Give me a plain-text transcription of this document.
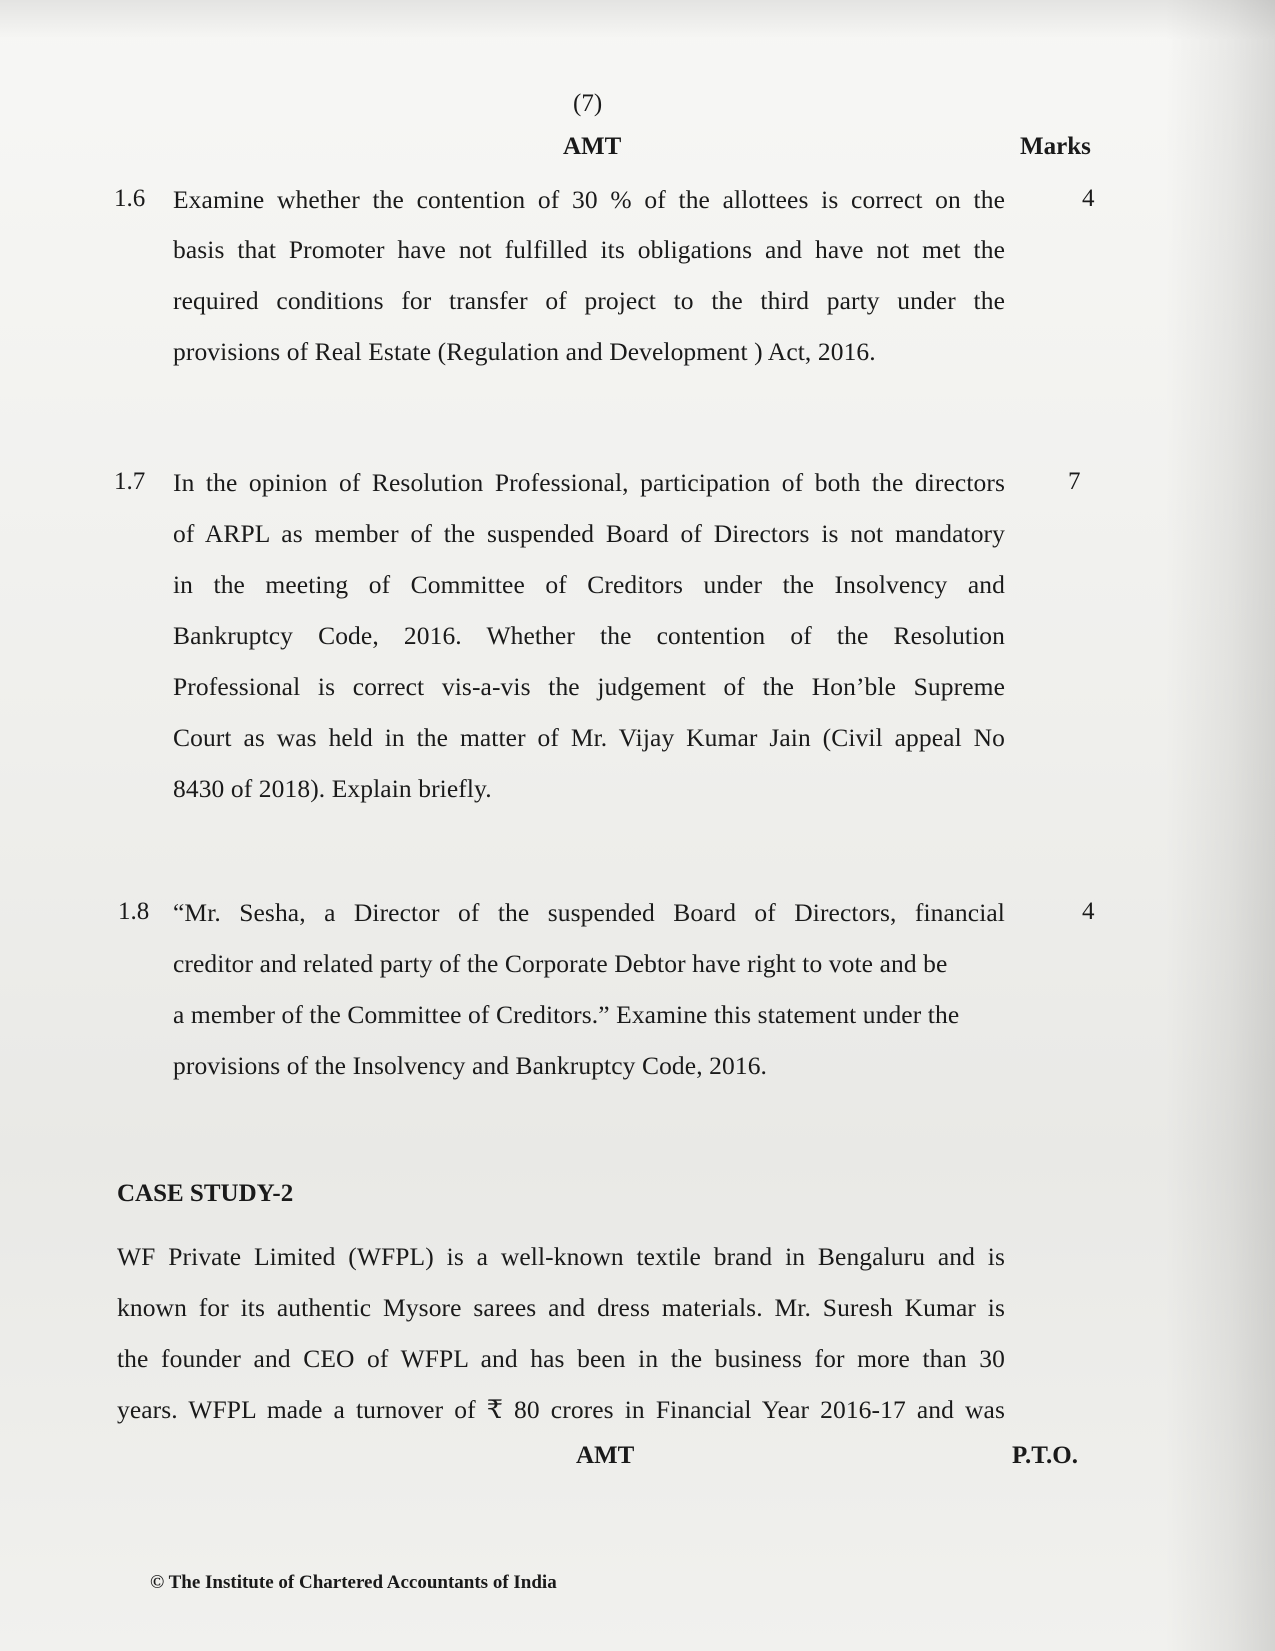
(7)
AMT	Marks
1.6	4
Examine whether the contention of 30 % of the allottees is correct on the
basis that Promoter have not fulfilled its obligations and have not met the
required conditions for transfer of project to the third party under the
provisions of Real Estate (Regulation and Development ) Act, 2016.
1.7	7
In the opinion of Resolution Professional, participation of both the directors
of ARPL as member of the suspended Board of Directors is not mandatory
in the meeting of Committee of Creditors under the Insolvency and
Bankruptcy Code, 2016. Whether the contention of the Resolution
Professional is correct vis-a-vis the judgement of the Hon’ble Supreme
Court as was held in the matter of Mr. Vijay Kumar Jain (Civil appeal No
8430 of 2018). Explain briefly.
1.8	4
“Mr. Sesha, a Director of the suspended Board of Directors, financial
creditor and related party of the Corporate Debtor have right to vote and be
a member of the Committee of Creditors.” Examine this statement under the
provisions of the Insolvency and Bankruptcy Code, 2016.
CASE STUDY-2
WF Private Limited (WFPL) is a well-known textile brand in Bengaluru and is
known for its authentic Mysore sarees and dress materials. Mr. Suresh Kumar is
the founder and CEO of WFPL and has been in the business for more than 30
years. WFPL made a turnover of ₹ 80 crores in Financial Year 2016-17 and was
AMT	P.T.O.
© The Institute of Chartered Accountants of India
